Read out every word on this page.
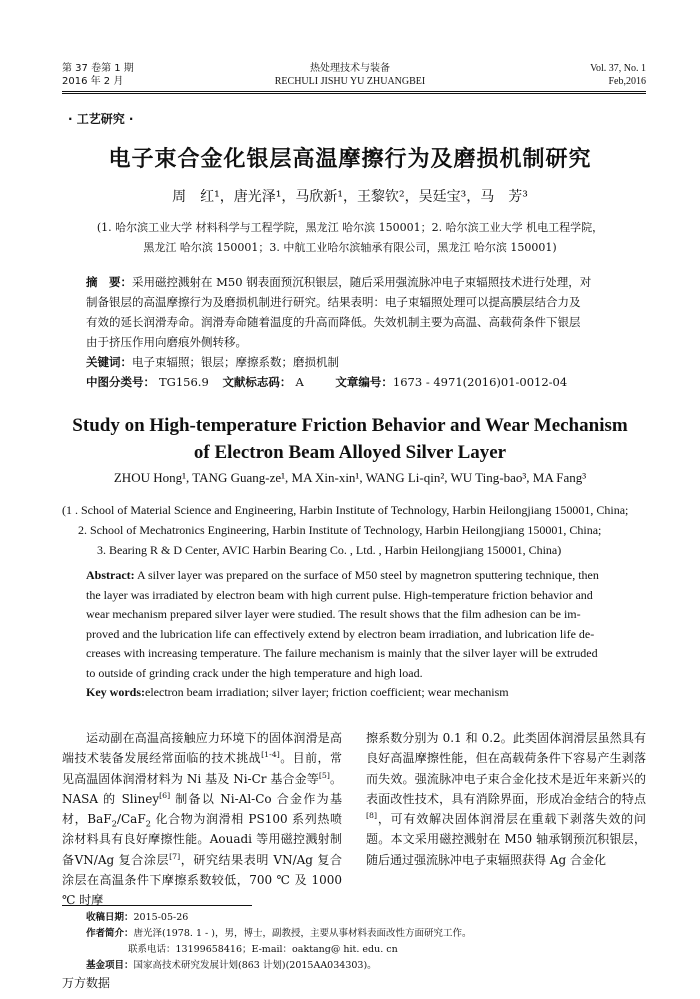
第 37 卷第 1 期
2016 年 2 月
热处理技术与装备
RECHULI JISHU YU ZHUANGBEI
Vol. 37, No. 1
Feb,2016
· 工艺研究 ·
电子束合金化银层高温摩擦行为及磨损机制研究
周　红¹，唐光泽¹，马欣新¹，王黎钦²，吴廷宝³，马　芳³
(1. 哈尔滨工业大学 材料科学与工程学院，黑龙江 哈尔滨 150001；2. 哈尔滨工业大学 机电工程学院，
黑龙江 哈尔滨 150001；3. 中航工业哈尔滨轴承有限公司，黑龙江 哈尔滨 150001)
摘　要：采用磁控溅射在 M50 钢表面预沉积银层，随后采用强流脉冲电子束辐照技术进行处理，对
制备银层的高温摩擦行为及磨损机制进行研究。结果表明：电子束辐照处理可以提高膜层结合力及
有效的延长润滑寿命。润滑寿命随着温度的升高而降低。失效机制主要为高温、高载荷条件下银层
由于挤压作用向磨痕外侧转移。
关键词：电子束辐照；银层；摩擦系数；磨损机制
中图分类号： TG156.9 文献标志码： A	文章编号：1673 - 4971(2016)01-0012-04
Study on High-temperature Friction Behavior and Wear Mechanism
of Electron Beam Alloyed Silver Layer
ZHOU Hong¹, TANG Guang-ze¹, MA Xin-xin¹, WANG Li-qin², WU Ting-bao³, MA Fang³
(1 . School of Material Science and Engineering, Harbin Institute of Technology, Harbin Heilongjiang 150001, China;
2. School of Mechatronics Engineering, Harbin Institute of Technology, Harbin Heilongjiang 150001, China;
3. Bearing R & D Center, AVIC Harbin Bearing Co. , Ltd. , Harbin Heilongjiang 150001, China)
Abstract: A silver layer was prepared on the surface of M50 steel by magnetron sputtering technique, then
the layer was irradiated by electron beam with high current pulse. High-temperature friction behavior and
wear mechanism prepared silver layer were studied. The result shows that the film adhesion can be im-
proved and the lubrication life can effectively extend by electron beam irradiation, and lubrication life de-
creases with increasing temperature. The failure mechanism is mainly that the silver layer will be extruded
to outside of grinding crack under the high temperature and high load.
Key words:electron beam irradiation; silver layer; friction coefficient; wear mechanism

运动副在高温高接触应力环境下的固体润滑是高端技术装备发展经常面临的技术挑战[1-4]。目前，常见高温固体润滑材料为 Ni 基及 Ni-Cr 基合金等[5]。NASA 的 Sliney[6] 制备以 Ni-Al-Co 合金作为基材，BaF$_2$/CaF$_2$ 化合物为润滑相 PS100 系列热喷涂材料具有良好摩擦性能。Aouadi 等用磁控溅射制备VN/Ag 复合涂层[7]，研究结果表明 VN/Ag 复合涂层在高温条件下摩擦系数较低，700 ℃ 及 1000 ℃ 时摩

擦系数分别为 0.1 和 0.2。此类固体润滑层虽然具有良好高温摩擦性能，但在高载荷条件下容易产生剥落而失效。强流脉冲电子束合金化技术是近年来新兴的表面改性技术，具有消除界面，形成冶金结合的特点[8]，可有效解决固体润滑层在重载下剥落失效的问题。本文采用磁控溅射在 M50 轴承钢预沉积银层，随后通过强流脉冲电子束辐照获得 Ag 合金化

收稿日期：2015-05-26
作者简介：唐光泽(1978. 1 - )，男，博士，副教授，主要从事材料表面改性方面研究工作。
联系电话：13199658416；E-mail：oaktang@ hit. edu. cn
基金项目：国家高技术研究发展计划(863 计划)(2015AA034303)。
万方数据
